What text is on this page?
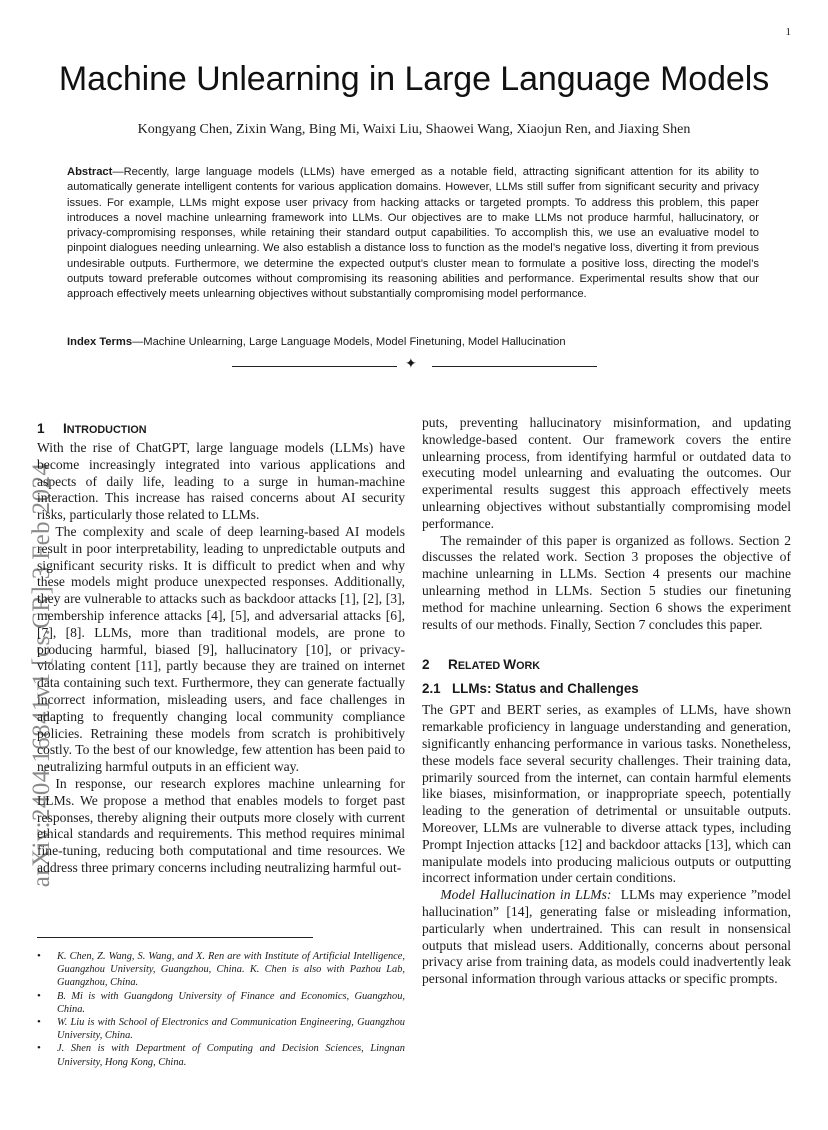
1
Machine Unlearning in Large Language Models
Kongyang Chen, Zixin Wang, Bing Mi, Waixi Liu, Shaowei Wang, Xiaojun Ren, and Jiaxing Shen
Abstract—Recently, large language models (LLMs) have emerged as a notable field, attracting significant attention for its ability to automatically generate intelligent contents for various application domains. However, LLMs still suffer from significant security and privacy issues. For example, LLMs might expose user privacy from hacking attacks or targeted prompts. To address this problem, this paper introduces a novel machine unlearning framework into LLMs. Our objectives are to make LLMs not produce harmful, hallucinatory, or privacy-compromising responses, while retaining their standard output capabilities. To accomplish this, we use an evaluative model to pinpoint dialogues needing unlearning. We also establish a distance loss to function as the model’s negative loss, diverting it from previous undesirable outputs. Furthermore, we determine the expected output’s cluster mean to formulate a positive loss, directing the model’s outputs toward preferable outcomes without compromising its reasoning abilities and performance. Experimental results show that our approach effectively meets unlearning objectives without substantially compromising model performance.
Index Terms—Machine Unlearning, Large Language Models, Model Finetuning, Model Hallucination
✦
arXiv:2404.16841v1 [cs.CR] 3 Feb 2024
1 INTRODUCTION

With the rise of ChatGPT, large language models (LLMs) have become increasingly integrated into various applications and aspects of daily life, leading to a surge in human-machine interaction. This increase has raised concerns about AI security risks, particularly those related to LLMs.

The complexity and scale of deep learning-based AI models result in poor interpretability, leading to unpredictable outputs and significant security risks. It is difficult to predict when and why these models might produce unexpected responses. Additionally, they are vulnerable to attacks such as backdoor attacks [1], [2], [3], membership inference attacks [4], [5], and adversarial attacks [6], [7], [8]. LLMs, more than traditional models, are prone to producing harmful, biased [9], hallucinatory [10], or privacy-violating content [11], partly because they are trained on internet data containing such text. Furthermore, they can generate factually incorrect information, misleading users, and face challenges in adapting to frequently changing local community compliance policies. Retraining these models from scratch is prohibitively costly. To the best of our knowledge, few attention has been paid to neutralizing harmful outputs in an efficient way.

In response, our research explores machine unlearning for LLMs. We propose a method that enables models to forget past responses, thereby aligning their outputs more closely with current ethical standards and requirements. This method requires minimal fine-tuning, reducing both computational and time resources. We address three primary concerns including neutralizing harmful out-

•	K. Chen, Z. Wang, S. Wang, and X. Ren are with Institute of Artificial Intelligence, Guangzhou University, Guangzhou, China. K. Chen is also with Pazhou Lab, Guangzhou, China.
•	B. Mi is with Guangdong University of Finance and Economics, Guangzhou, China.
•	W. Liu is with School of Electronics and Communication Engineering, Guangzhou University, China.
•	J. Shen is with Department of Computing and Decision Sciences, Lingnan University, Hong Kong, China.

puts, preventing hallucinatory misinformation, and updating knowledge-based content. Our framework covers the entire unlearning process, from identifying harmful or outdated data to executing model unlearning and evaluating the outcomes. Our experimental results suggest this approach effectively meets unlearning objectives without substantially compromising model performance.

The remainder of this paper is organized as follows. Section 2 discusses the related work. Section 3 proposes the objective of machine unlearning in LLMs. Section 4 presents our machine unlearning method in LLMs. Section 5 studies our finetuning method for machine unlearning. Section 6 shows the experiment results of our methods. Finally, Section 7 concludes this paper.

2 RELATED WORK
2.1 LLMs: Status and Challenges

The GPT and BERT series, as examples of LLMs, have shown remarkable proficiency in language understanding and generation, significantly enhancing performance in various tasks. Nonetheless, these models face several security challenges. Their training data, primarily sourced from the internet, can contain harmful elements like biases, misinformation, or inappropriate speech, potentially leading to the generation of detrimental or unsuitable outputs. Moreover, LLMs are vulnerable to diverse attack types, including Prompt Injection attacks [12] and backdoor attacks [13], which can manipulate models into producing malicious outputs or outputting incorrect information under certain conditions.

Model Hallucination in LLMs: LLMs may experience ”model hallucination” [14], generating false or misleading information, particularly when undertrained. This can result in nonsensical outputs that mislead users. Additionally, concerns about personal privacy arise from training data, as models could inadvertently leak personal information through various attacks or specific prompts.
